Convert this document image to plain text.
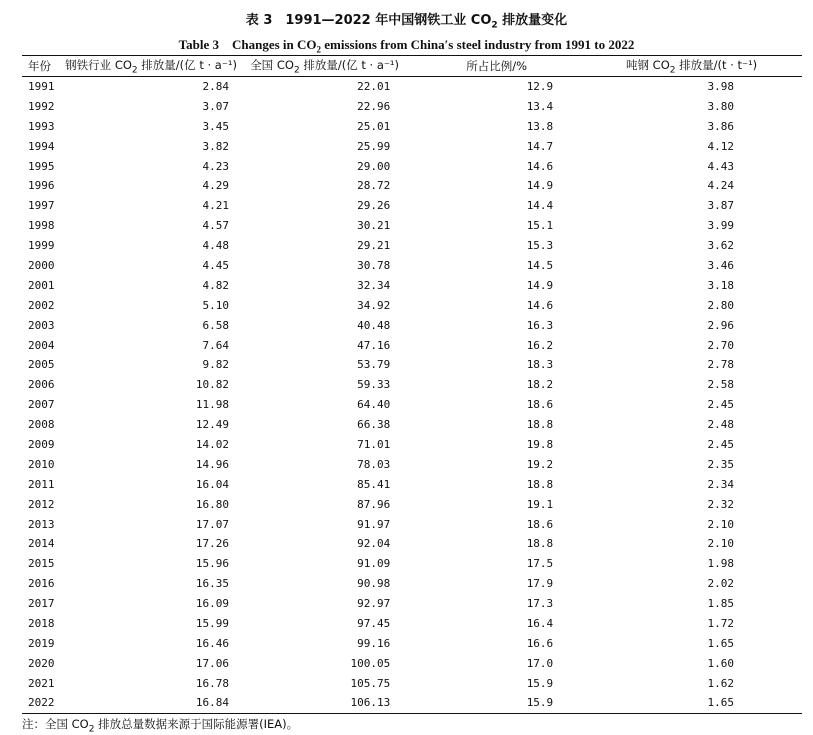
表 3　1991—2022 年中国钢铁工业 $CO_2$ 排放量变化
Table 3　Changes in $CO_2$ emissions from China′s steel industry from 1991 to 2022
年份	钢铁行业 $CO_2$ 排放量/(亿 t · a⁻¹)	全国 $CO_2$ 排放量/(亿 t · a⁻¹)	所占比例/%	吨钢 $CO_2$ 排放量/(t · t⁻¹)
1991	2.84	22.01	12.9	3.98
1992	3.07	22.96	13.4	3.80
1993	3.45	25.01	13.8	3.86
1994	3.82	25.99	14.7	4.12
1995	4.23	29.00	14.6	4.43
1996	4.29	28.72	14.9	4.24
1997	4.21	29.26	14.4	3.87
1998	4.57	30.21	15.1	3.99
1999	4.48	29.21	15.3	3.62
2000	4.45	30.78	14.5	3.46
2001	4.82	32.34	14.9	3.18
2002	5.10	34.92	14.6	2.80
2003	6.58	40.48	16.3	2.96
2004	7.64	47.16	16.2	2.70
2005	9.82	53.79	18.3	2.78
2006	10.82	59.33	18.2	2.58
2007	11.98	64.40	18.6	2.45
2008	12.49	66.38	18.8	2.48
2009	14.02	71.01	19.8	2.45
2010	14.96	78.03	19.2	2.35
2011	16.04	85.41	18.8	2.34
2012	16.80	87.96	19.1	2.32
2013	17.07	91.97	18.6	2.10
2014	17.26	92.04	18.8	2.10
2015	15.96	91.09	17.5	1.98
2016	16.35	90.98	17.9	2.02
2017	16.09	92.97	17.3	1.85
2018	15.99	97.45	16.4	1.72
2019	16.46	99.16	16.6	1.65
2020	17.06	100.05	17.0	1.60
2021	16.78	105.75	15.9	1.62
2022	16.84	106.13	15.9	1.65
注：全国 $CO_2$ 排放总量数据来源于国际能源署(IEA)。
